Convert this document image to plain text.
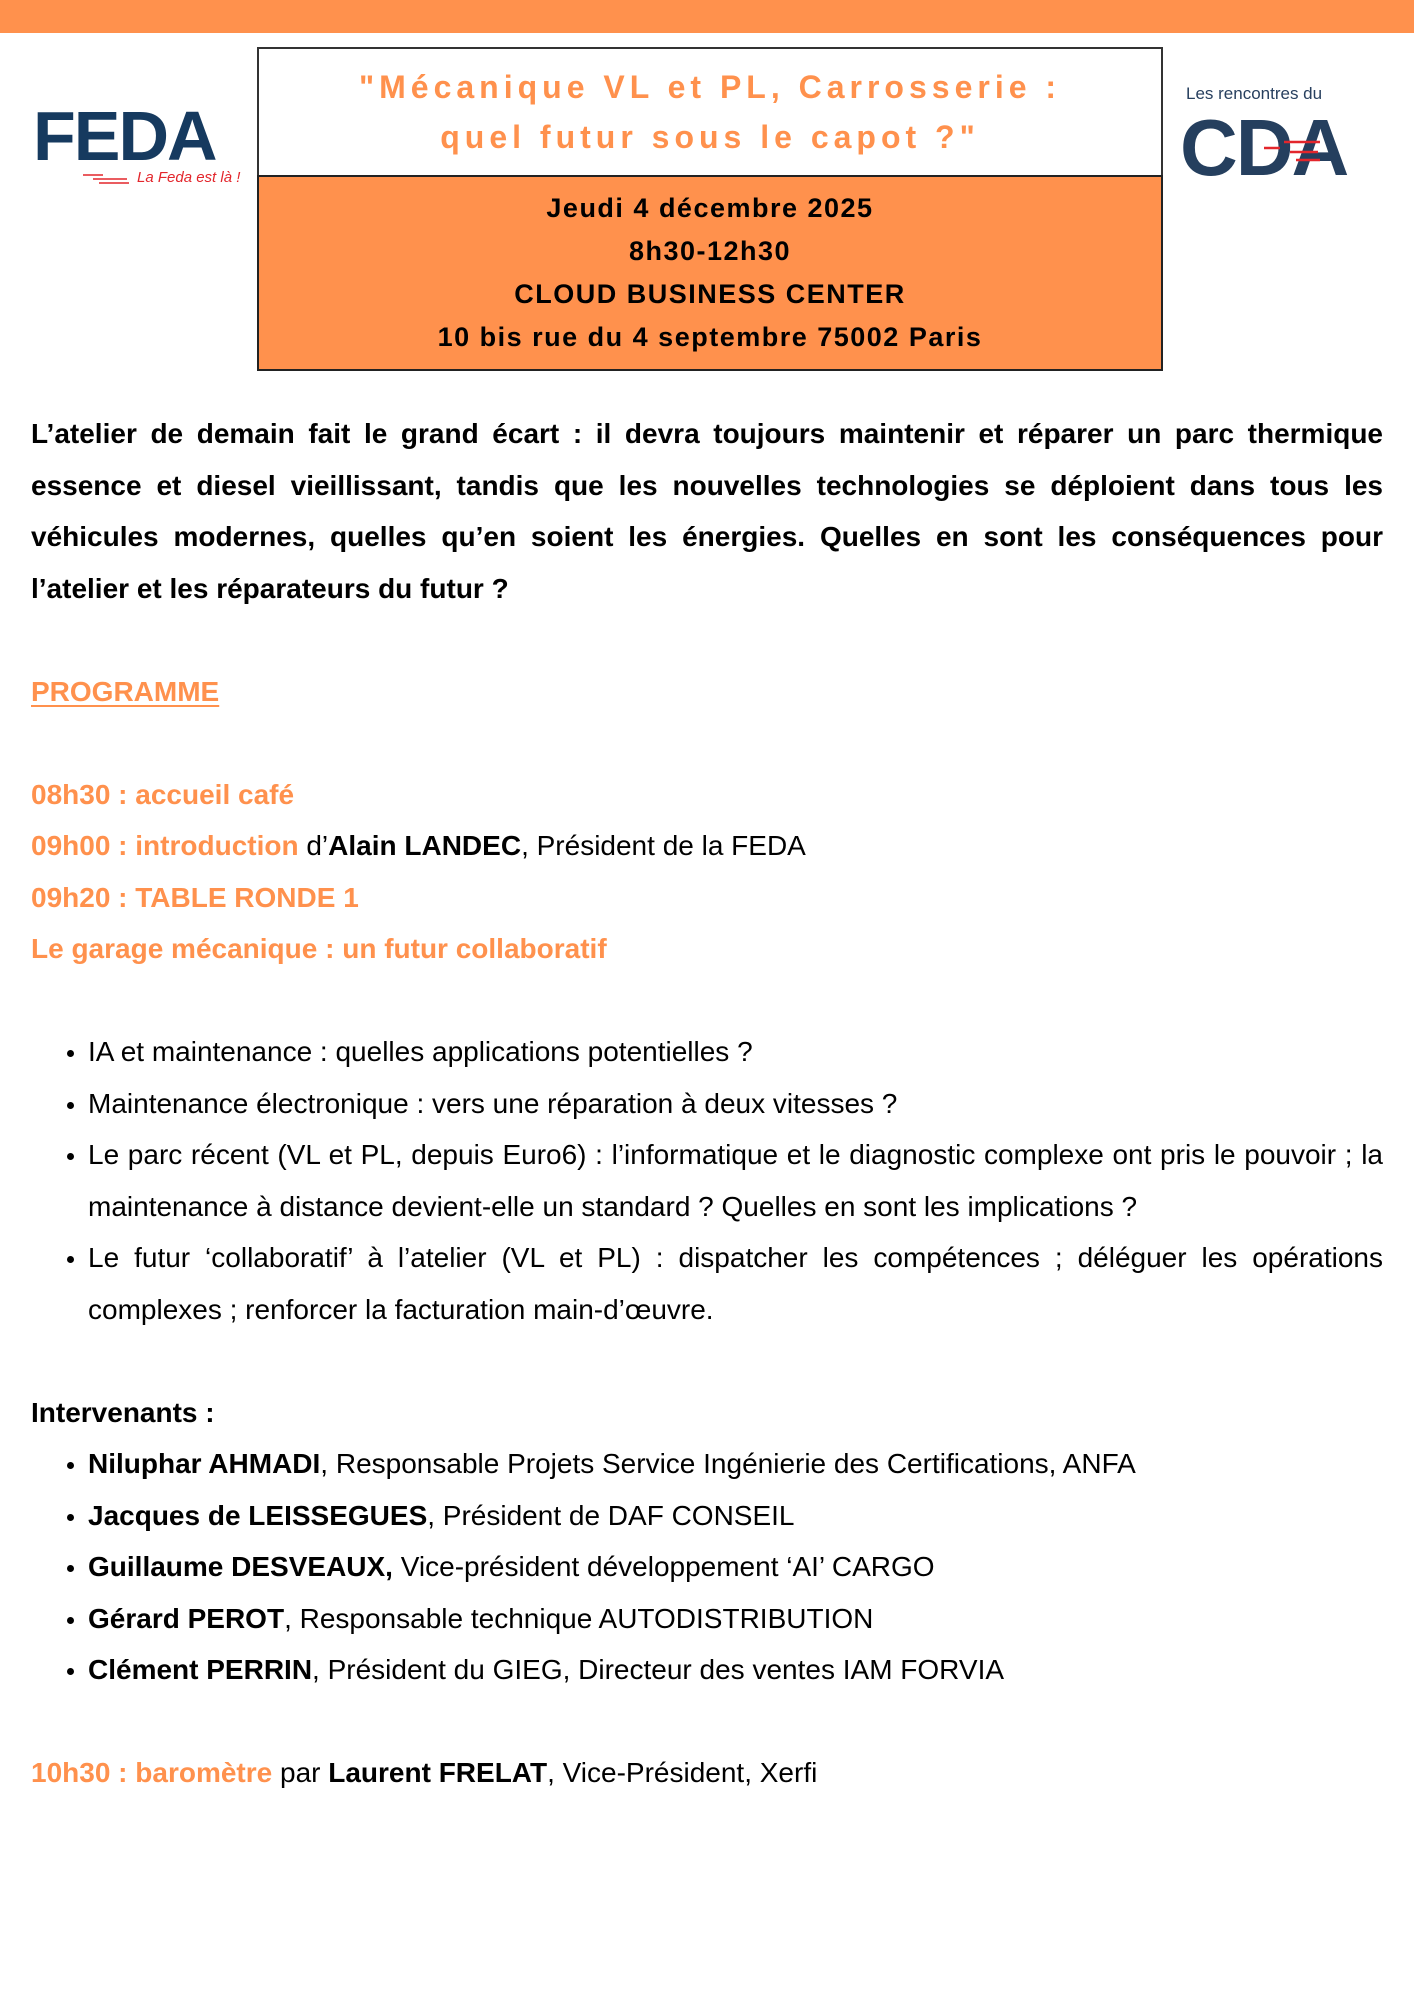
FEDA
La Feda est là !
Les rencontres du
CDA
"Mécanique VL et PL, Carrosserie :
quel futur sous le capot ?"
Jeudi 4 décembre 2025
8h30-12h30
CLOUD BUSINESS CENTER
10 bis rue du 4 septembre 75002 Paris

L’atelier de demain fait le grand écart : il devra toujours maintenir et réparer un parc thermique essence et diesel vieillissant, tandis que les nouvelles technologies se déploient dans tous les véhicules modernes, quelles qu’en soient les énergies. Quelles en sont les conséquences pour l’atelier et les réparateurs du futur ?

PROGRAMME

08h30 : accueil café

09h00 : introduction d’Alain LANDEC, Président de la FEDA

09h20 : TABLE RONDE 1

Le garage mécanique : un futur collaboratif

• IA et maintenance : quelles applications potentielles ?
• Maintenance électronique : vers une réparation à deux vitesses ?
• Le parc récent (VL et PL, depuis Euro6) : l’informatique et le diagnostic complexe ont pris le pouvoir ; la maintenance à distance devient-elle un standard ? Quelles en sont les implications ?
• Le futur ‘collaboratif’ à l’atelier (VL et PL) : dispatcher les compétences ; déléguer les opérations complexes ; renforcer la facturation main-d’œuvre.

Intervenants :

• Niluphar AHMADI, Responsable Projets Service Ingénierie des Certifications, ANFA
• Jacques de LEISSEGUES, Président de DAF CONSEIL
• Guillaume DESVEAUX, Vice-président développement ‘AI’ CARGO
• Gérard PEROT, Responsable technique AUTODISTRIBUTION
• Clément PERRIN, Président du GIEG, Directeur des ventes IAM FORVIA

10h30 : baromètre par Laurent FRELAT, Vice-Président, Xerfi
